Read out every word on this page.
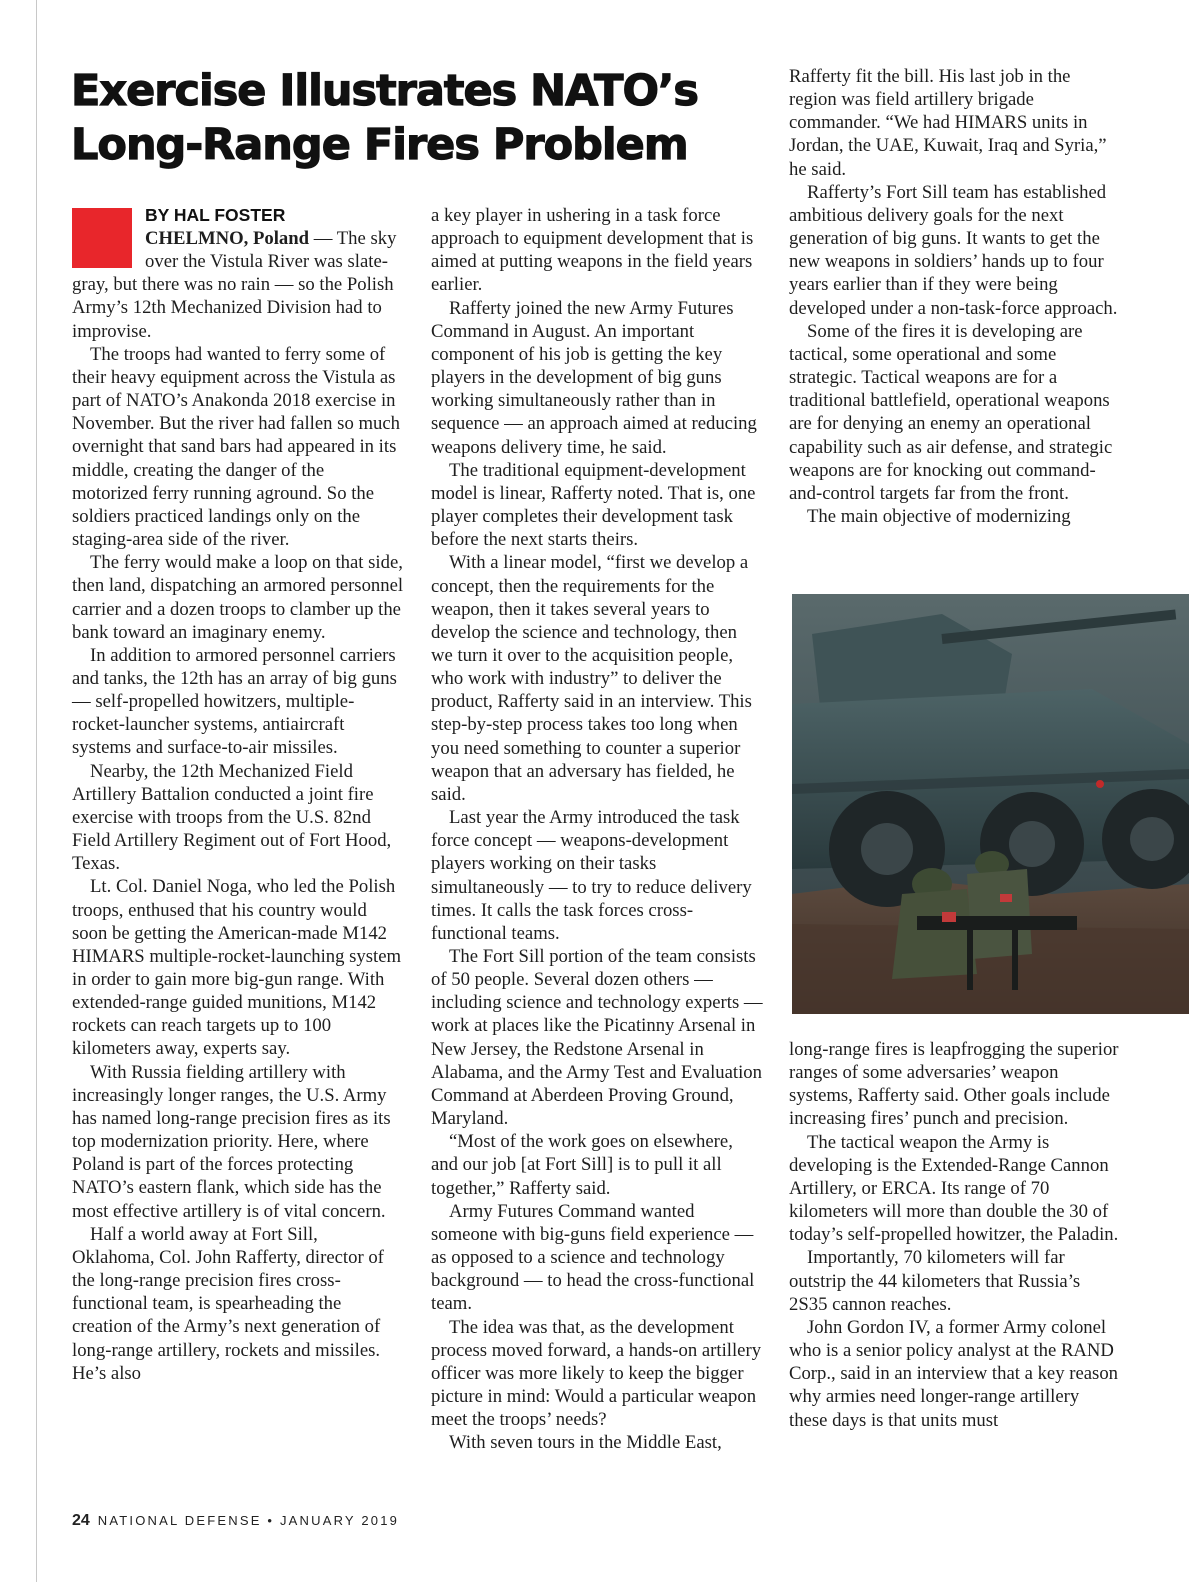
Exercise Illustrates NATO’s
Long-Range Fires Problem
BY HAL FOSTER

CHELMNO, Poland — The sky over the Vistula River was slate-gray, but there was no rain — so the Polish Army’s 12th Mechanized Division had to improvise.

The troops had wanted to ferry some of their heavy equipment across the Vistula as part of NATO’s Anakonda 2018 exercise in November. But the river had fallen so much overnight that sand bars had appeared in its middle, creating the danger of the motorized ferry running aground. So the soldiers practiced landings only on the staging-area side of the river.

The ferry would make a loop on that side, then land, dispatching an armored personnel carrier and a dozen troops to clamber up the bank toward an imaginary enemy.

In addition to armored personnel carriers and tanks, the 12th has an array of big guns — self-propelled howitzers, multiple-rocket-launcher systems, antiaircraft systems and surface-to-air missiles.

Nearby, the 12th Mechanized Field Artillery Battalion conducted a joint fire exercise with troops from the U.S. 82nd Field Artillery Regiment out of Fort Hood, Texas.

Lt. Col. Daniel Noga, who led the Polish troops, enthused that his country would soon be getting the American-made M142 HIMARS multiple-rocket-launching system in order to gain more big-gun range. With extended-range guided munitions, M142 rockets can reach targets up to 100 kilometers away, experts say.

With Russia fielding artillery with increasingly longer ranges, the U.S. Army has named long-range precision fires as its top modernization priority. Here, where Poland is part of the forces protecting NATO’s eastern flank, which side has the most effective artillery is of vital concern.

Half a world away at Fort Sill, Oklahoma, Col. John Rafferty, director of the long-range precision fires cross-functional team, is spearheading the creation of the Army’s next generation of long-range artillery, rockets and missiles. He’s also

a key player in ushering in a task force approach to equipment development that is aimed at putting weapons in the field years earlier.

Rafferty joined the new Army Futures Command in August. An important component of his job is getting the key players in the development of big guns working simultaneously rather than in sequence — an approach aimed at reducing weapons delivery time, he said.

The traditional equipment-development model is linear, Rafferty noted. That is, one player completes their development task before the next starts theirs.

With a linear model, “first we develop a concept, then the requirements for the weapon, then it takes several years to develop the science and technology, then we turn it over to the acquisition people, who work with industry” to deliver the product, Rafferty said in an interview. This step-by-step process takes too long when you need something to counter a superior weapon that an adversary has fielded, he said.

Last year the Army introduced the task force concept — weapons-development players working on their tasks simultaneously — to try to reduce delivery times. It calls the task forces cross-functional teams.

The Fort Sill portion of the team consists of 50 people. Several dozen others — including science and technology experts — work at places like the Picatinny Arsenal in New Jersey, the Redstone Arsenal in Alabama, and the Army Test and Evaluation Command at Aberdeen Proving Ground, Maryland.

“Most of the work goes on elsewhere, and our job [at Fort Sill] is to pull it all together,” Rafferty said.

Army Futures Command wanted someone with big-guns field experience — as opposed to a science and technology background — to head the cross-functional team.

The idea was that, as the development process moved forward, a hands-on artillery officer was more likely to keep the bigger picture in mind: Would a particular weapon meet the troops’ needs?

With seven tours in the Middle East,

Rafferty fit the bill. His last job in the region was field artillery brigade commander. “We had HIMARS units in Jordan, the UAE, Kuwait, Iraq and Syria,” he said.

Rafferty’s Fort Sill team has established ambitious delivery goals for the next generation of big guns. It wants to get the new weapons in soldiers’ hands up to four years earlier than if they were being developed under a non-task-force approach.

Some of the fires it is developing are tactical, some operational and some strategic. Tactical weapons are for a traditional battlefield, operational weapons are for denying an enemy an operational capability such as air defense, and strategic weapons are for knocking out command-and-control targets far from the front.

The main objective of modernizing

long-range fires is leapfrogging the superior ranges of some adversaries’ weapon systems, Rafferty said. Other goals include increasing fires’ punch and precision.

The tactical weapon the Army is developing is the Extended-Range Cannon Artillery, or ERCA. Its range of 70 kilometers will more than double the 30 of today’s self-propelled howitzer, the Paladin.

Importantly, 70 kilometers will far outstrip the 44 kilometers that Russia’s 2S35 cannon reaches.

John Gordon IV, a former Army colonel who is a senior policy analyst at the RAND Corp., said in an interview that a key reason why armies need longer-range artillery these days is that units must

24 NATIONAL DEFENSE • JANUARY 2019
